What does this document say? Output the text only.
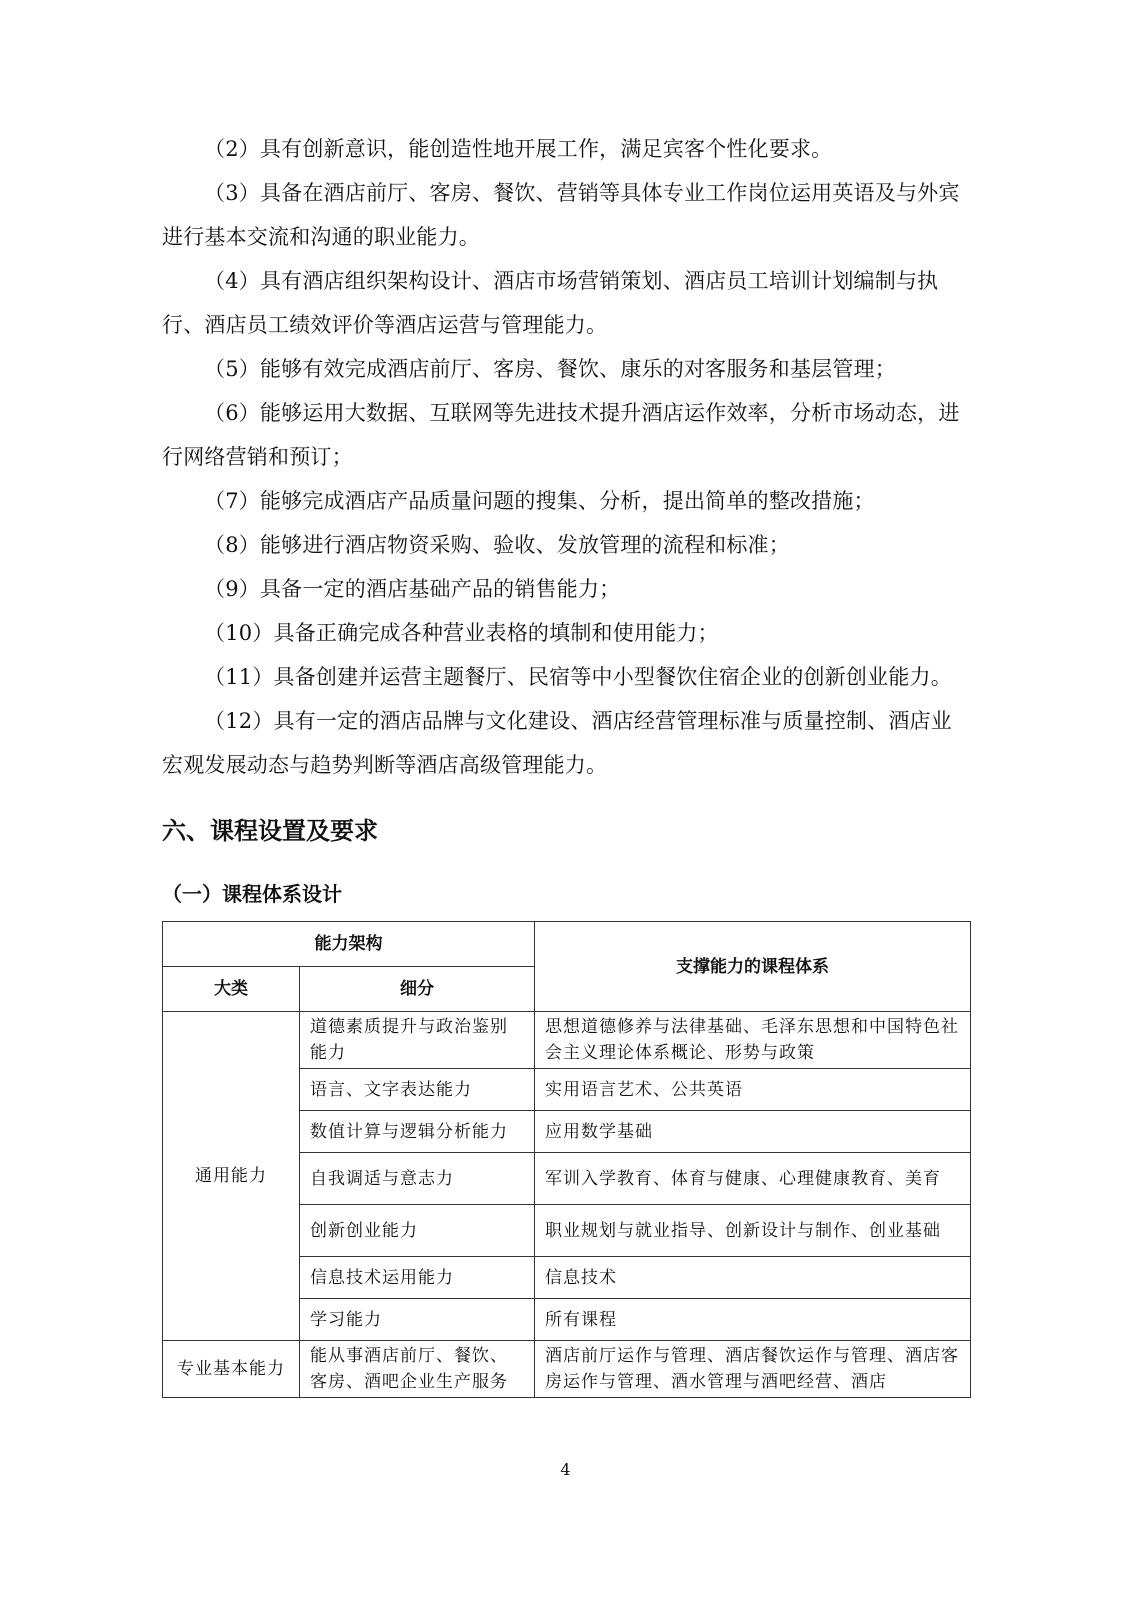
（2）具有创新意识，能创造性地开展工作，满足宾客个性化要求。

（3）具备在酒店前厅、客房、餐饮、营销等具体专业工作岗位运用英语及与外宾进行基本交流和沟通的职业能力。

（4）具有酒店组织架构设计、酒店市场营销策划、酒店员工培训计划编制与执行、酒店员工绩效评价等酒店运营与管理能力。

（5）能够有效完成酒店前厅、客房、餐饮、康乐的对客服务和基层管理；

（6）能够运用大数据、互联网等先进技术提升酒店运作效率，分析市场动态，进行网络营销和预订；

（7）能够完成酒店产品质量问题的搜集、分析，提出简单的整改措施；

（8）能够进行酒店物资采购、验收、发放管理的流程和标准；

（9）具备一定的酒店基础产品的销售能力；

（10）具备正确完成各种营业表格的填制和使用能力；

（11）具备创建并运营主题餐厅、民宿等中小型餐饮住宿企业的创新创业能力。

（12）具有一定的酒店品牌与文化建设、酒店经营管理标准与质量控制、酒店业宏观发展动态与趋势判断等酒店高级管理能力。

六、课程设置及要求
（一）课程体系设计
能力架构		支撑能力的课程体系
大类	细分	
通用能力	道德素质提升与政治鉴别能力	思想道德修养与法律基础、毛泽东思想和中国特色社会主义理论体系概论、形势与政策
	语言、文字表达能力	实用语言艺术、公共英语
	数值计算与逻辑分析能力	应用数学基础
	自我调适与意志力	军训入学教育、体育与健康、心理健康教育、美育
	创新创业能力	职业规划与就业指导、创新设计与制作、创业基础
	信息技术运用能力	信息技术
	学习能力	所有课程
专业基本能力	能从事酒店前厅、餐饮、客房、酒吧企业生产服务	酒店前厅运作与管理、酒店餐饮运作与管理、酒店客房运作与管理、酒水管理与酒吧经营、酒店
4
